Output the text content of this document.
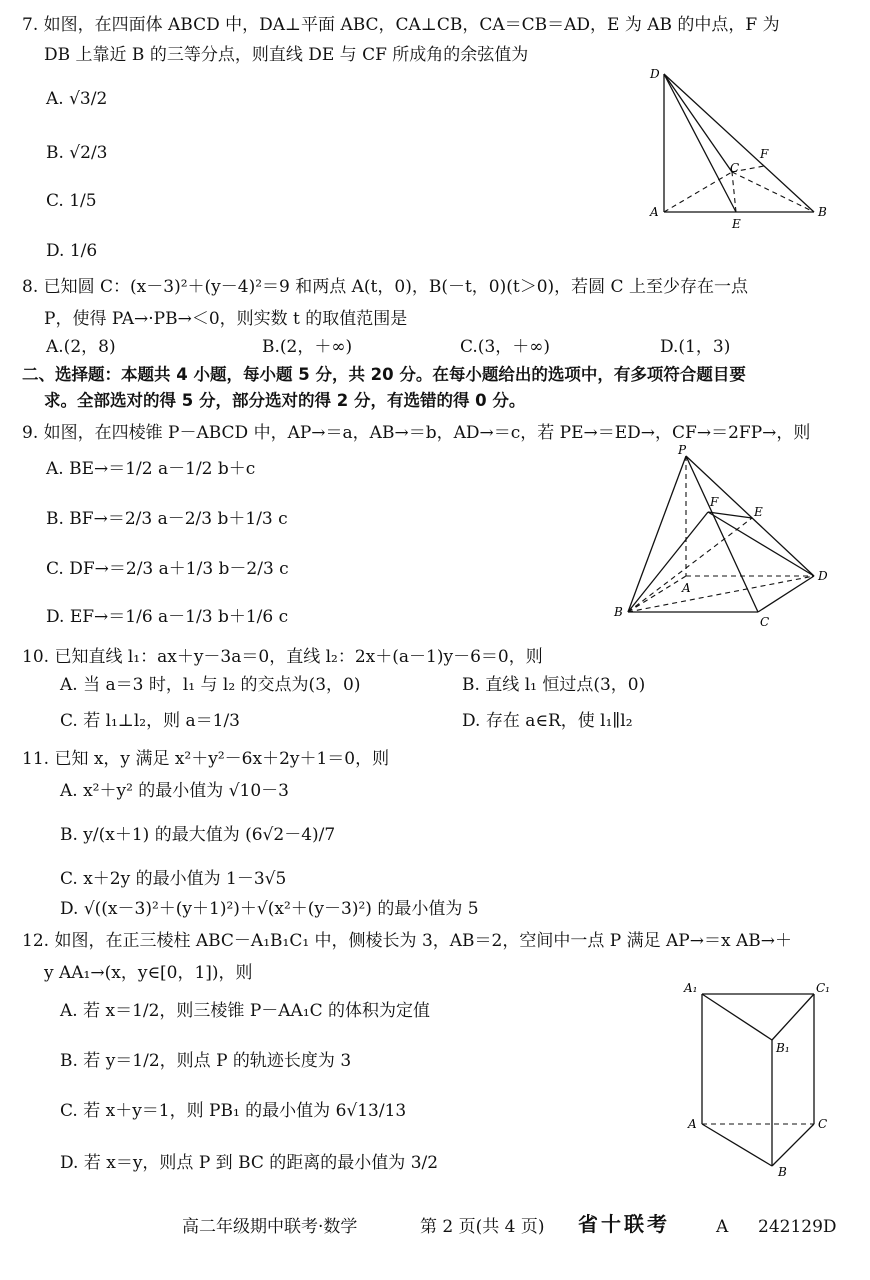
7. 如图，在四面体 ABCD 中，DA⊥平面 ABC，CA⊥CB，CA＝CB＝AD，E 为 AB 的中点，F 为
DB 上靠近 B 的三等分点，则直线 DE 与 CF 所成角的余弦值为
A. √3/2
B. √2/3
C. 1/5
D. 1/6
D
A
E
B
C
F
8. 已知圆 C：(x－3)²＋(y－4)²＝9 和两点 A(t，0)，B(－t，0)(t＞0)，若圆 C 上至少存在一点
P，使得 PA→·PB→＜0，则实数 t 的取值范围是
A.(2，8)	B.(2，＋∞)	C.(3，＋∞)	D.(1，3)
二、选择题：本题共 4 小题，每小题 5 分，共 20 分。在每小题给出的选项中，有多项符合题目要
求。全部选对的得 5 分，部分选对的得 2 分，有选错的得 0 分。
9. 如图，在四棱锥 P－ABCD 中，AP→＝a，AB→＝b，AD→＝c，若 PE→＝ED→，CF→＝2FP→，则
A. BE→＝1/2 a－1/2 b＋c
B. BF→＝2/3 a－2/3 b＋1/3 c
C. DF→＝2/3 a＋1/3 b－2/3 c
D. EF→＝1/6 a－1/3 b＋1/6 c
P
F
E
A
D
B
C
10. 已知直线 l₁：ax＋y－3a＝0，直线 l₂：2x＋(a－1)y－6＝0，则
A. 当 a＝3 时，l₁ 与 l₂ 的交点为(3，0)	B. 直线 l₁ 恒过点(3，0)
C. 若 l₁⊥l₂，则 a＝1/3	D. 存在 a∈R，使 l₁∥l₂
11. 已知 x，y 满足 x²＋y²－6x＋2y＋1＝0，则
A. x²＋y² 的最小值为 √10－3
B. y/(x＋1) 的最大值为 (6√2－4)/7
C. x＋2y 的最小值为 1－3√5
D. √((x－3)²＋(y＋1)²)＋√(x²＋(y－3)²) 的最小值为 5
12. 如图，在正三棱柱 ABC－A₁B₁C₁ 中，侧棱长为 3，AB＝2，空间中一点 P 满足 AP→＝x AB→＋
y AA₁→(x，y∈[0，1])，则
A. 若 x＝1/2，则三棱锥 P－AA₁C 的体积为定值
B. 若 y＝1/2，则点 P 的轨迹长度为 3
C. 若 x＋y＝1，则 PB₁ 的最小值为 6√13/13
D. 若 x＝y，则点 P 到 BC 的距离的最小值为 3/2
A₁	C₁
B₁
A	C
B
高二年级期中联考·数学	第 2 页(共 4 页) 省十联考	A 242129D
